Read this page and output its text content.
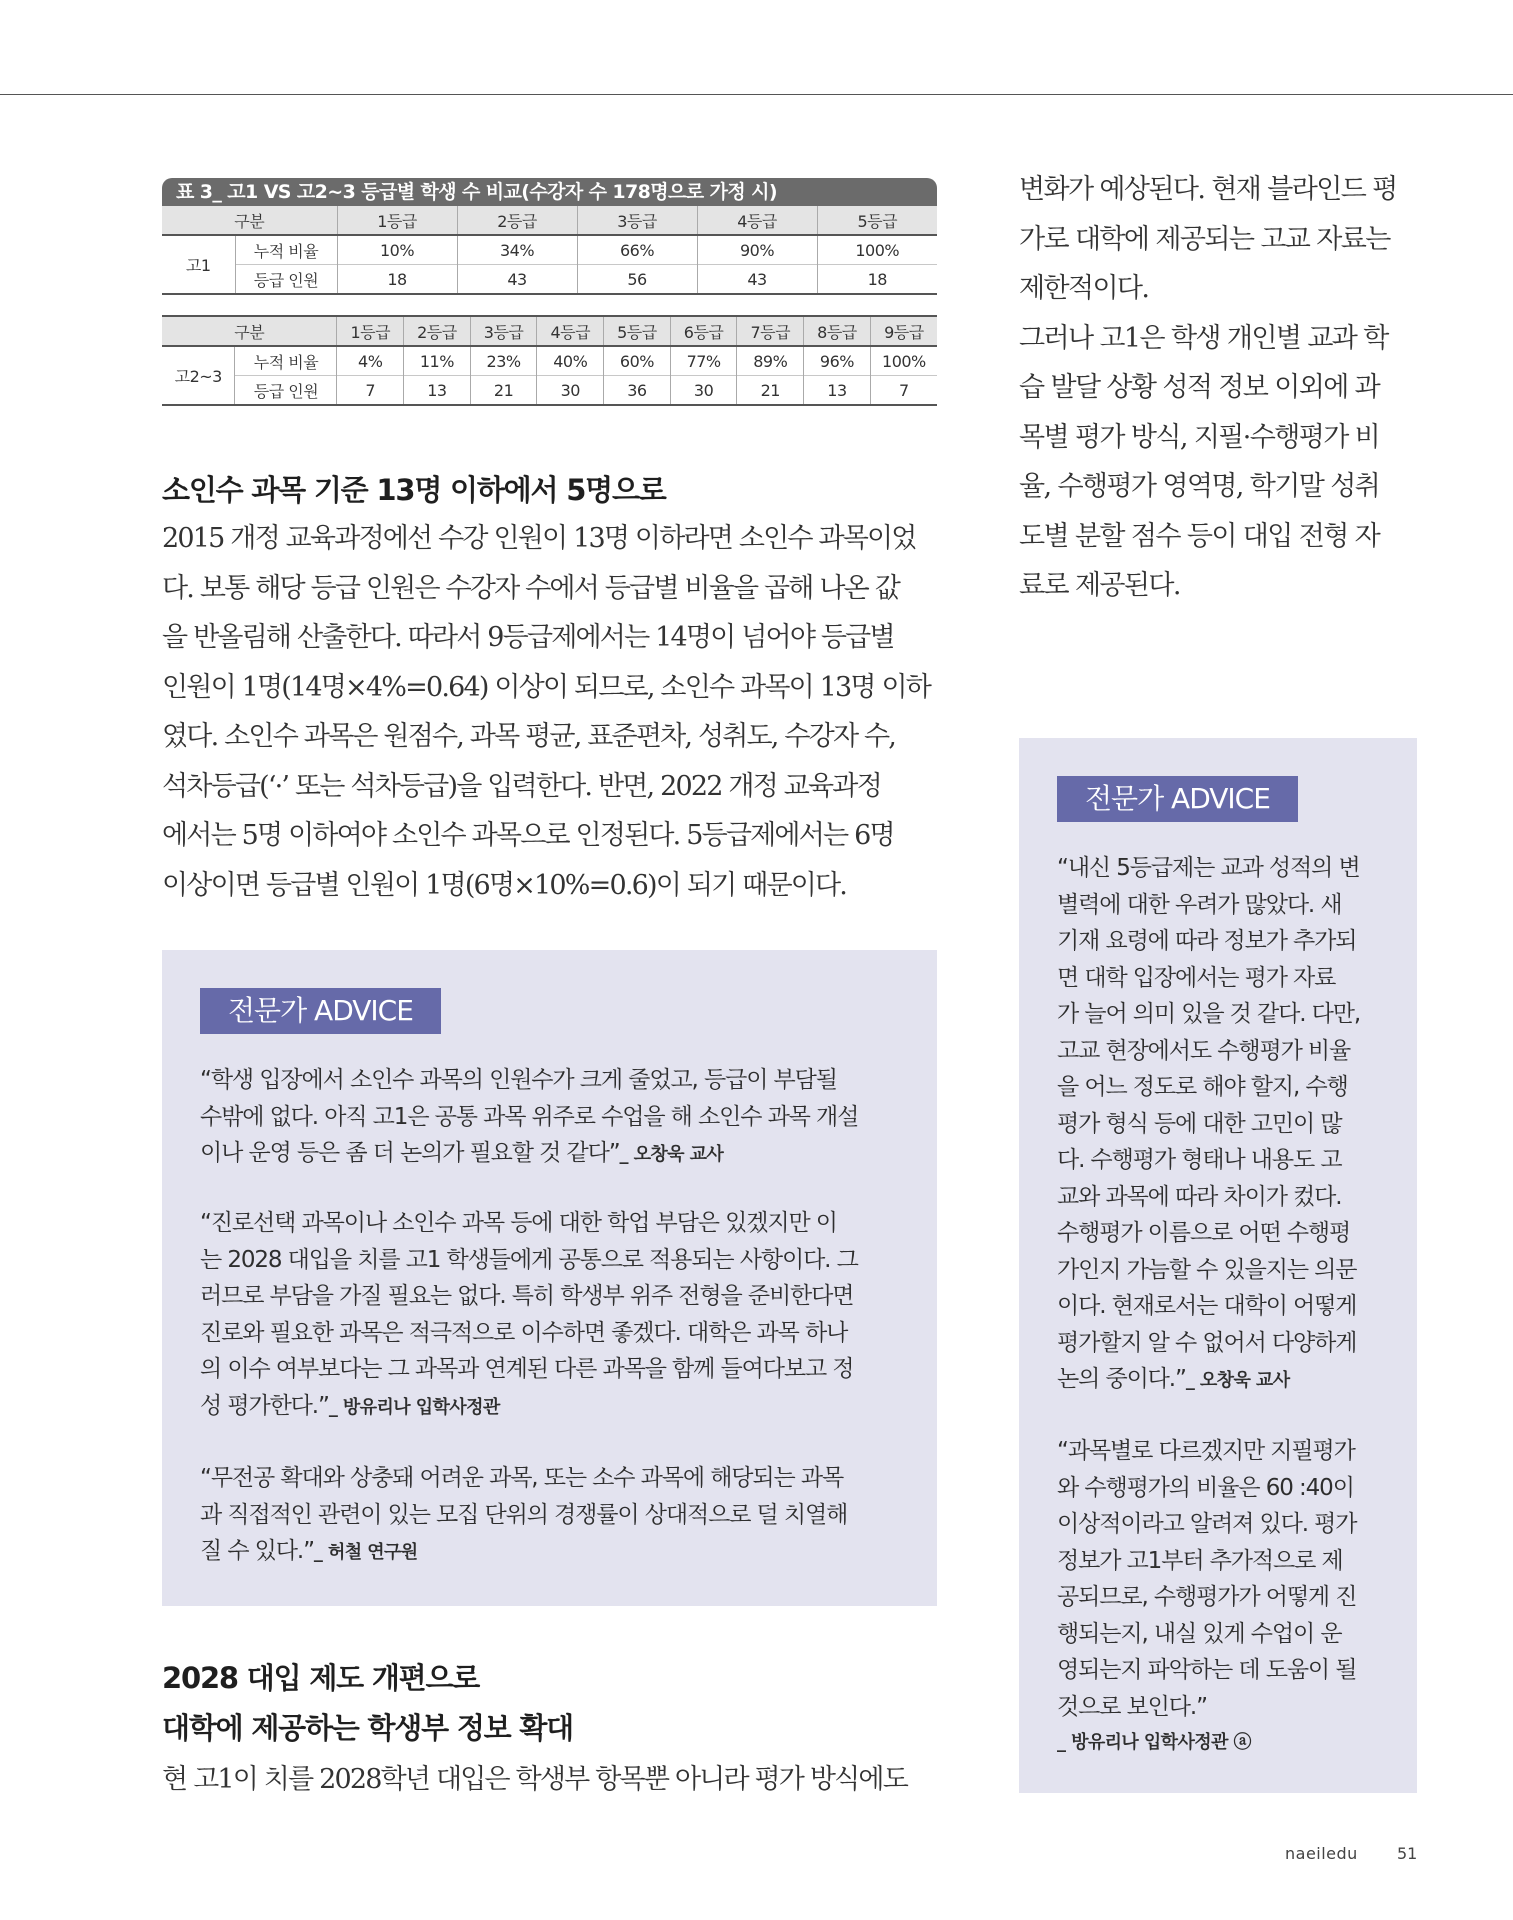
표 3_ 고1 VS 고2~3 등급별 학생 수 비교(수강자 수 178명으로 가정 시)
구분		1등급	2등급	3등급	4등급	5등급
고1	누적 비율	10%	34%	66%	90%	100%
	등급 인원	18	43	56	43	18
구분		1등급	2등급	3등급	4등급	5등급	6등급	7등급	8등급	9등급
고2~3	누적 비율	4%	11%	23%	40%	60%	77%	89%	96%	100%
	등급 인원	7	13	21	30	36	30	21	13	7
소인수 과목 기준 13명 이하에서 5명으로
2015 개정 교육과정에선 수강 인원이 13명 이하라면 소인수 과목이었
다. 보통 해당 등급 인원은 수강자 수에서 등급별 비율을 곱해 나온 값
을 반올림해 산출한다. 따라서 9등급제에서는 14명이 넘어야 등급별
인원이 1명(14명×4%=0.64) 이상이 되므로, 소인수 과목이 13명 이하
였다. 소인수 과목은 원점수, 과목 평균, 표준편차, 성취도, 수강자 수,
석차등급(‘·’ 또는 석차등급)을 입력한다. 반면, 2022 개정 교육과정
에서는 5명 이하여야 소인수 과목으로 인정된다. 5등급제에서는 6명
이상이면 등급별 인원이 1명(6명×10%=0.6)이 되기 때문이다.
전문가 ADVICE
“학생 입장에서 소인수 과목의 인원수가 크게 줄었고, 등급이 부담될
수밖에 없다. 아직 고1은 공통 과목 위주로 수업을 해 소인수 과목 개설
이나 운영 등은 좀 더 논의가 필요할 것 같다”_ 오창욱 교사
“진로선택 과목이나 소인수 과목 등에 대한 학업 부담은 있겠지만 이
는 2028 대입을 치를 고1 학생들에게 공통으로 적용되는 사항이다. 그
러므로 부담을 가질 필요는 없다. 특히 학생부 위주 전형을 준비한다면
진로와 필요한 과목은 적극적으로 이수하면 좋겠다. 대학은 과목 하나
의 이수 여부보다는 그 과목과 연계된 다른 과목을 함께 들여다보고 정
성 평가한다.”_ 방유리나 입학사정관
“무전공 확대와 상충돼 어려운 과목, 또는 소수 과목에 해당되는 과목
과 직접적인 관련이 있는 모집 단위의 경쟁률이 상대적으로 덜 치열해
질 수 있다.”_ 허철 연구원
2028 대입 제도 개편으로
대학에 제공하는 학생부 정보 확대
현 고1이 치를 2028학년 대입은 학생부 항목뿐 아니라 평가 방식에도
변화가 예상된다. 현재 블라인드 평
가로 대학에 제공되는 고교 자료는
제한적이다.
그러나 고1은 학생 개인별 교과 학
습 발달 상황 성적 정보 이외에 과
목별 평가 방식, 지필·수행평가 비
율, 수행평가 영역명, 학기말 성취
도별 분할 점수 등이 대입 전형 자
료로 제공된다.
전문가 ADVICE
“내신 5등급제는 교과 성적의 변
별력에 대한 우려가 많았다. 새
기재 요령에 따라 정보가 추가되
면 대학 입장에서는 평가 자료
가 늘어 의미 있을 것 같다. 다만,
고교 현장에서도 수행평가 비율
을 어느 정도로 해야 할지, 수행
평가 형식 등에 대한 고민이 많
다. 수행평가 형태나 내용도 고
교와 과목에 따라 차이가 컸다.
수행평가 이름으로 어떤 수행평
가인지 가늠할 수 있을지는 의문
이다. 현재로서는 대학이 어떻게
평가할지 알 수 없어서 다양하게
논의 중이다.”_ 오창욱 교사
“과목별로 다르겠지만 지필평가
와 수행평가의 비율은 60 :40이
이상적이라고 알려져 있다. 평가
정보가 고1부터 추가적으로 제
공되므로, 수행평가가 어떻게 진
행되는지, 내실 있게 수업이 운
영되는지 파악하는 데 도움이 될
것으로 보인다.”
_ 방유리나 입학사정관 ⓐ
naeiledu 51
